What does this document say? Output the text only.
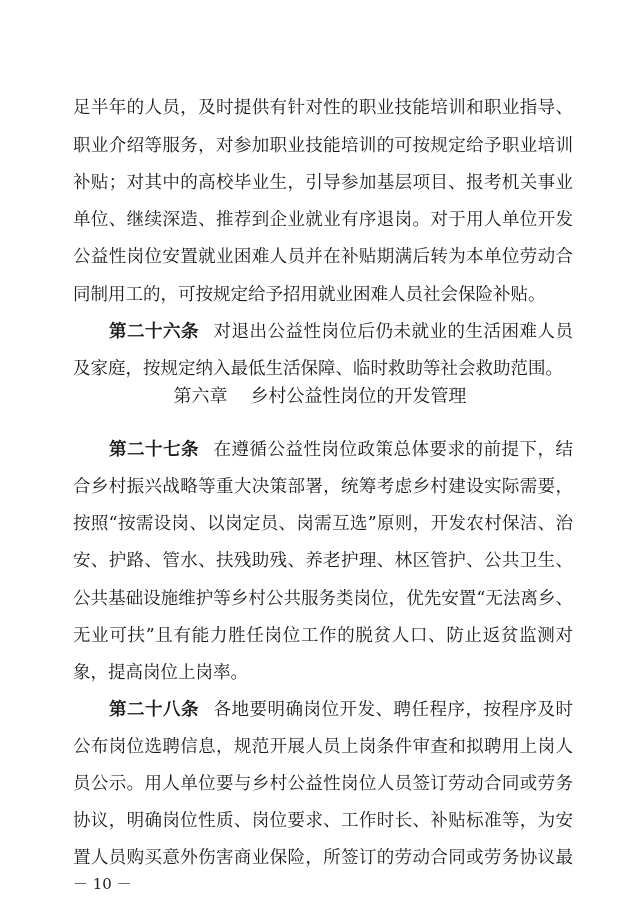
足半年的人员，及时提供有针对性的职业技能培训和职业指导、
职业介绍等服务，对参加职业技能培训的可按规定给予职业培训
补贴；对其中的高校毕业生，引导参加基层项目、报考机关事业
单位、继续深造、推荐到企业就业有序退岗。对于用人单位开发
公益性岗位安置就业困难人员并在补贴期满后转为本单位劳动合
同制用工的，可按规定给予招用就业困难人员社会保险补贴。
第二十六条 对退出公益性岗位后仍未就业的生活困难人员
及家庭，按规定纳入最低生活保障、临时救助等社会救助范围。
第六章 乡村公益性岗位的开发管理
第二十七条 在遵循公益性岗位政策总体要求的前提下，结
合乡村振兴战略等重大决策部署，统筹考虑乡村建设实际需要，
按照“按需设岗、以岗定员、岗需互选”原则，开发农村保洁、治
安、护路、管水、扶残助残、养老护理、林区管护、公共卫生、
公共基础设施维护等乡村公共服务类岗位，优先安置“无法离乡、
无业可扶”且有能力胜任岗位工作的脱贫人口、防止返贫监测对
象，提高岗位上岗率。
第二十八条 各地要明确岗位开发、聘任程序，按程序及时
公布岗位选聘信息，规范开展人员上岗条件审查和拟聘用上岗人
员公示。用人单位要与乡村公益性岗位人员签订劳动合同或劳务
协议，明确岗位性质、岗位要求、工作时长、补贴标准等，为安
置人员购买意外伤害商业保险，所签订的劳动合同或劳务协议最
－ 10 －
